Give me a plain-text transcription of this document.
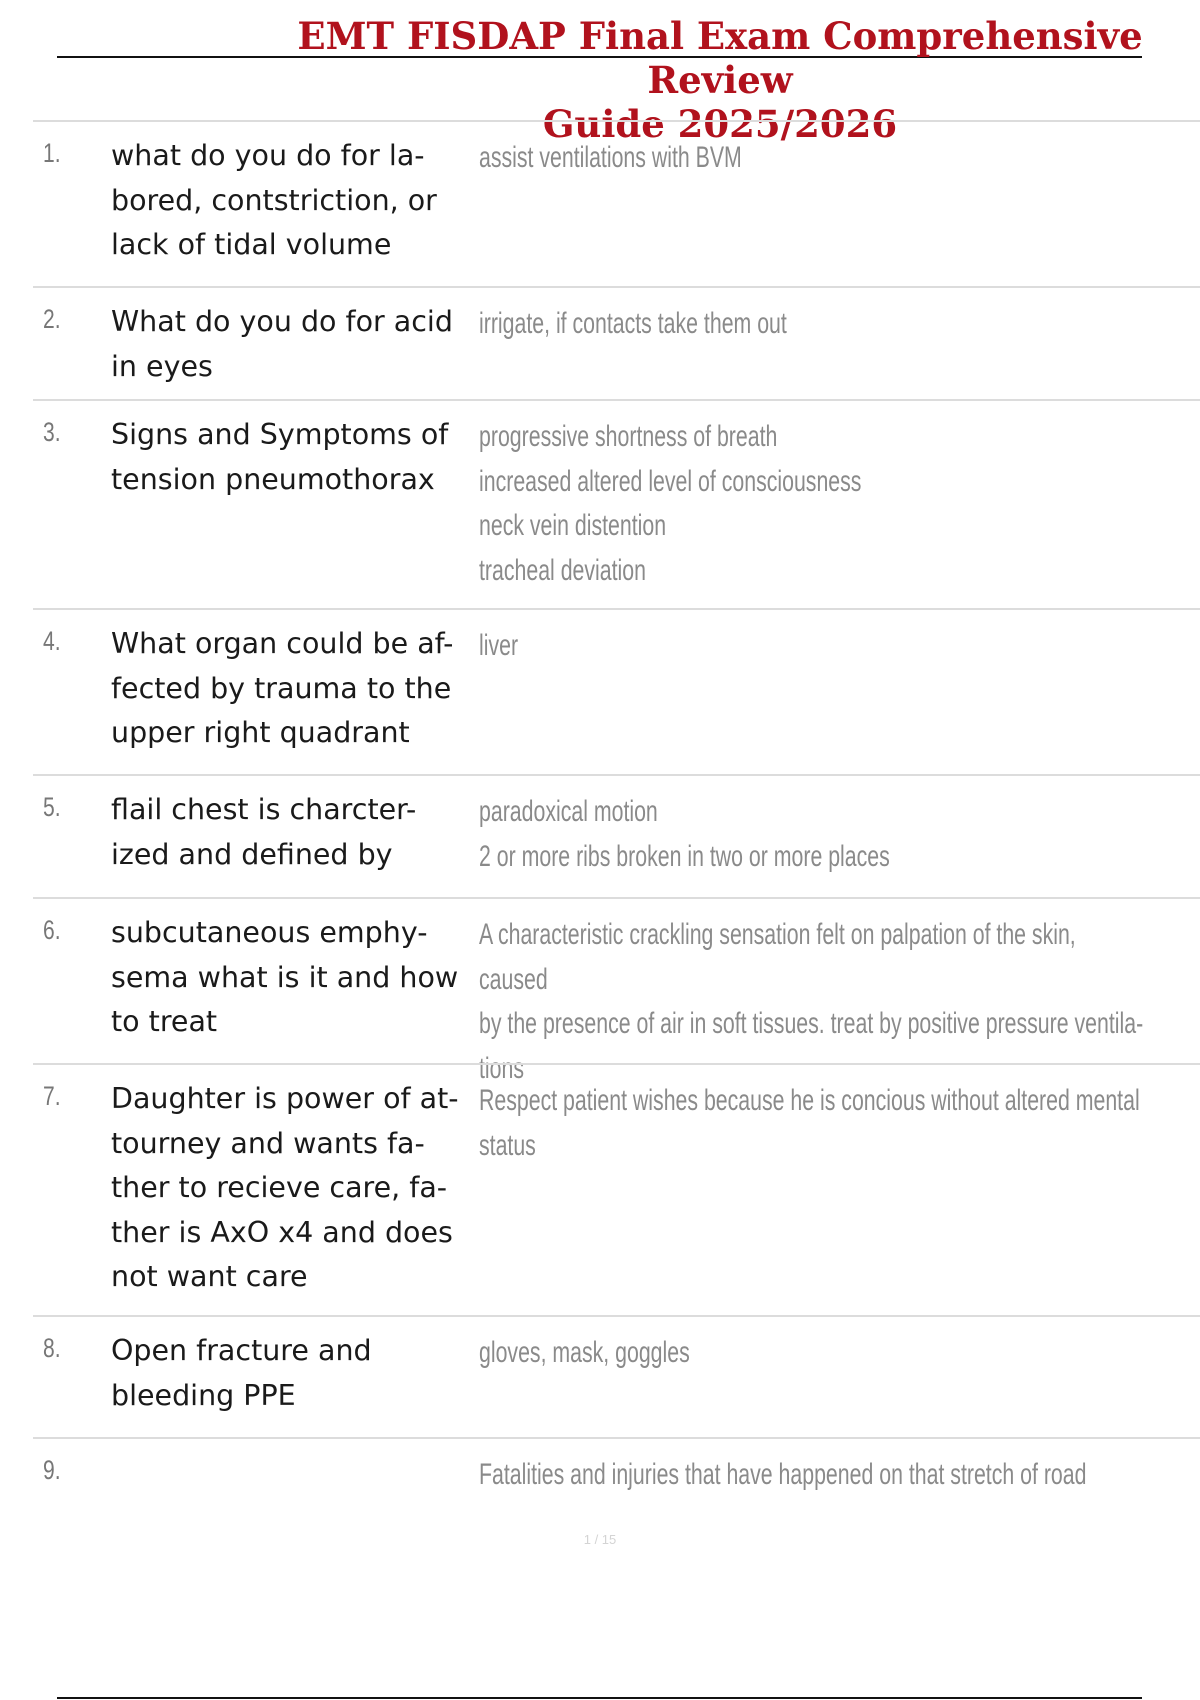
EMT FISDAP Final Exam Comprehensive Review
Guide 2025/2026
1. what do you do for la-
bored, contstriction, or
lack of tidal volume
assist ventilations with BVM
2. What do you do for acid
in eyes
irrigate, if contacts take them out
3. Signs and Symptoms of
tension pneumothorax
progressive shortness of breath
increased altered level of consciousness
neck vein distention
tracheal deviation
4. What organ could be af-
fected by trauma to the
upper right quadrant
liver
5. flail chest is charcter-
ized and defined by
paradoxical motion
2 or more ribs broken in two or more places
6. subcutaneous emphy-
sema what is it and how
to treat
A characteristic crackling sensation felt on palpation of the skin, caused
by the presence of air in soft tissues. treat by positive pressure ventila-
tions
7. Daughter is power of at-
tourney and wants fa-
ther to recieve care, fa-
ther is AxO x4 and does
not want care
Respect patient wishes because he is concious without altered mental
status
8. Open fracture and
bleeding PPE
gloves, mask, goggles
9.	Fatalities and injuries that have happened on that stretch of road
1 / 15
